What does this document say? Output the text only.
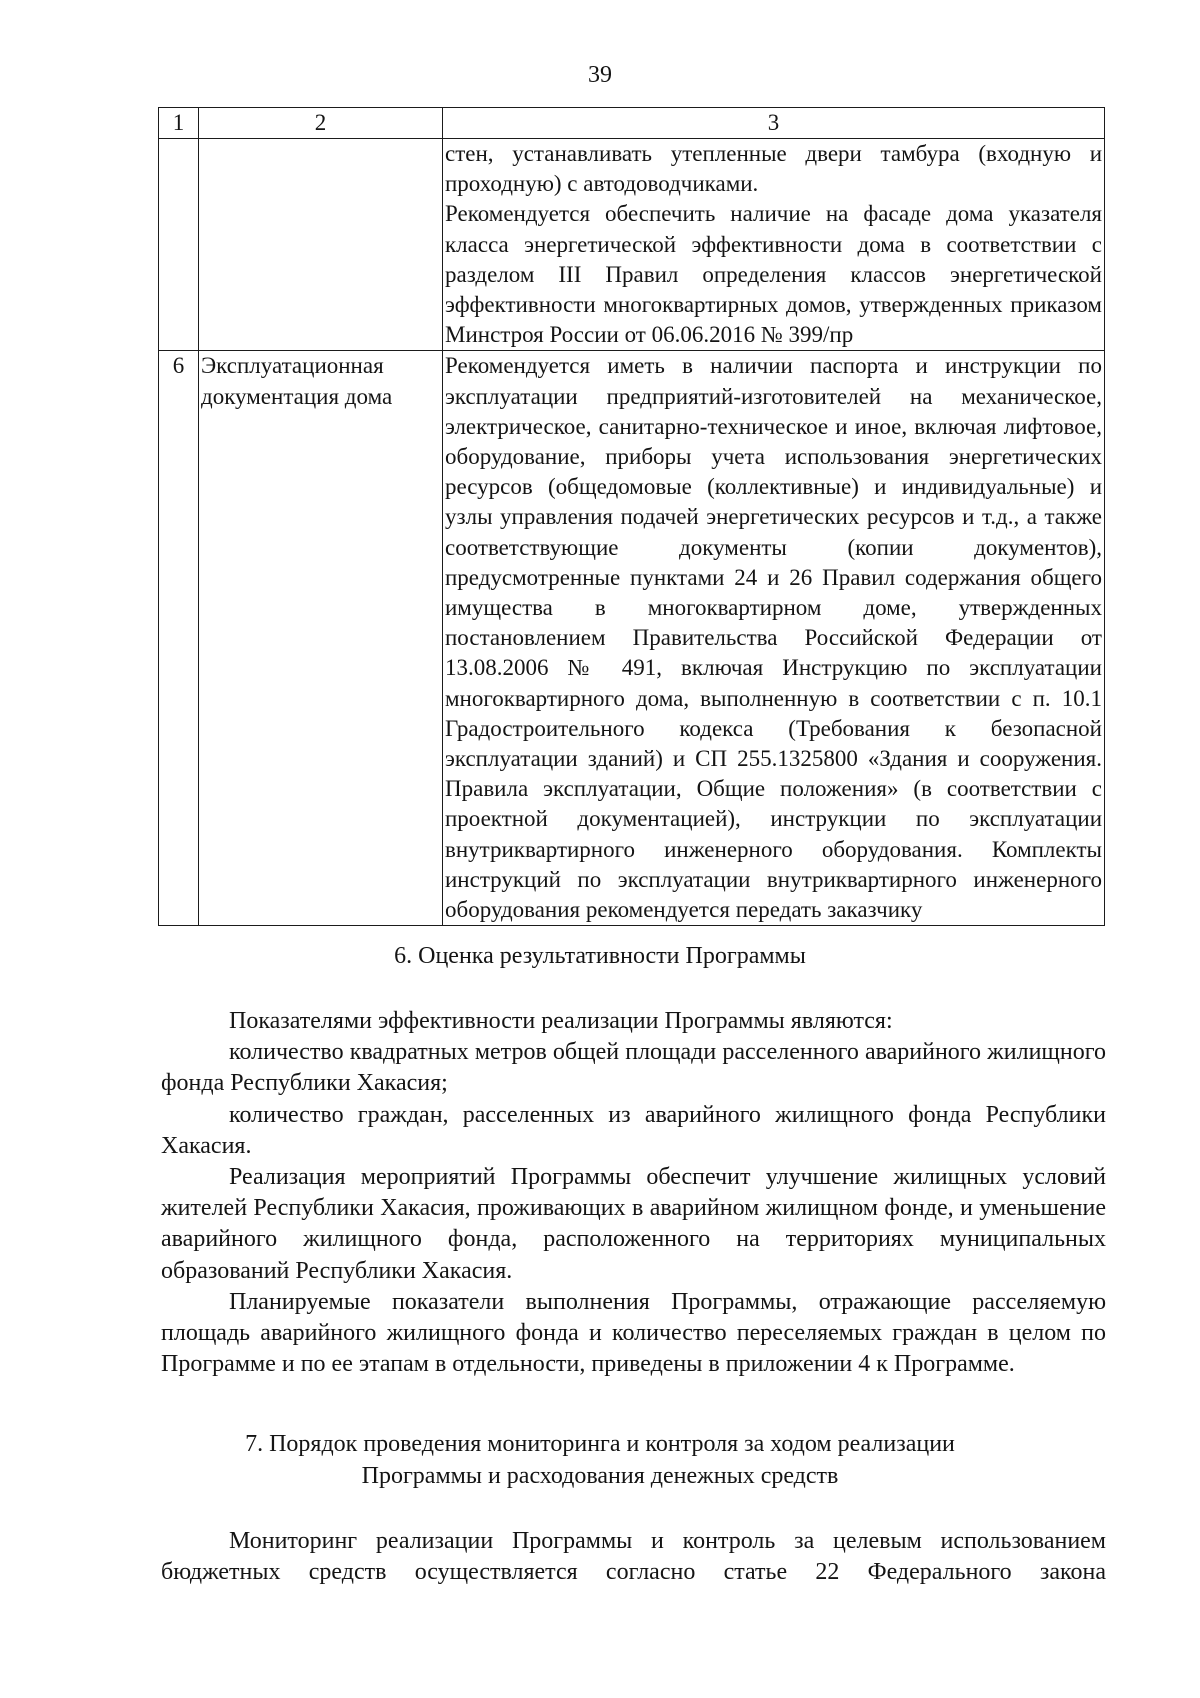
39
1	2	3

		стен, устанавливать утепленные двери тамбура (входную и проходную) с автодоводчиками.

Рекомендуется обеспечить наличие на фасаде дома указателя класса энергетической эффективности дома в соответствии с разделом III Правил определения классов энергетической эффективности многоквартирных домов, утвержденных приказом Минстроя России от 06.06.2016 № 399/пр

6	Эксплуатационная документация дома	Рекомендуется иметь в наличии паспорта и инструкции по эксплуатации предприятий-изготовителей на механическое, электрическое, санитарно-техническое и иное, включая лифтовое, оборудование, приборы учета использования энергетических ресурсов (общедомовые (коллективные) и индивидуальные) и узлы управления подачей энергетических ресурсов и т.д., а также соответствующие документы (копии документов), предусмотренные пунктами 24 и 26 Правил содержания общего имущества в многоквартирном доме, утвержденных постановлением Правительства Российской Федерации от 13.08.2006 № 491, включая Инструкцию по эксплуатации многоквартирного дома, выполненную в соответствии с п. 10.1 Градостроительного кодекса (Требования к безопасной эксплуатации зданий) и СП 255.1325800 «Здания и сооружения. Правила эксплуатации, Общие положения» (в соответствии с проектной документацией), инструкции по эксплуатации внутриквартирного инженерного оборудования. Комплекты инструкций по эксплуатации внутриквартирного инженерного оборудования рекомендуется передать заказчику

6. Оценка результативности Программы

Показателями эффективности реализации Программы являются:

количество квадратных метров общей площади расселенного аварийного жилищного фонда Республики Хакасия;

количество граждан, расселенных из аварийного жилищного фонда Республики Хакасия.

Реализация мероприятий Программы обеспечит улучшение жилищных условий жителей Республики Хакасия, проживающих в аварийном жилищном фонде, и уменьшение аварийного жилищного фонда, расположенного на территориях муниципальных образований Республики Хакасия.

Планируемые показатели выполнения Программы, отражающие расселяемую площадь аварийного жилищного фонда и количество переселяемых граждан в целом по Программе и по ее этапам в отдельности, приведены в приложении 4 к Программе.

7. Порядок проведения мониторинга и контроля за ходом реализации
Программы и расходования денежных средств

Мониторинг реализации Программы и контроль за целевым использованием бюджетных средств осуществляется согласно статье 22 Федерального закона
